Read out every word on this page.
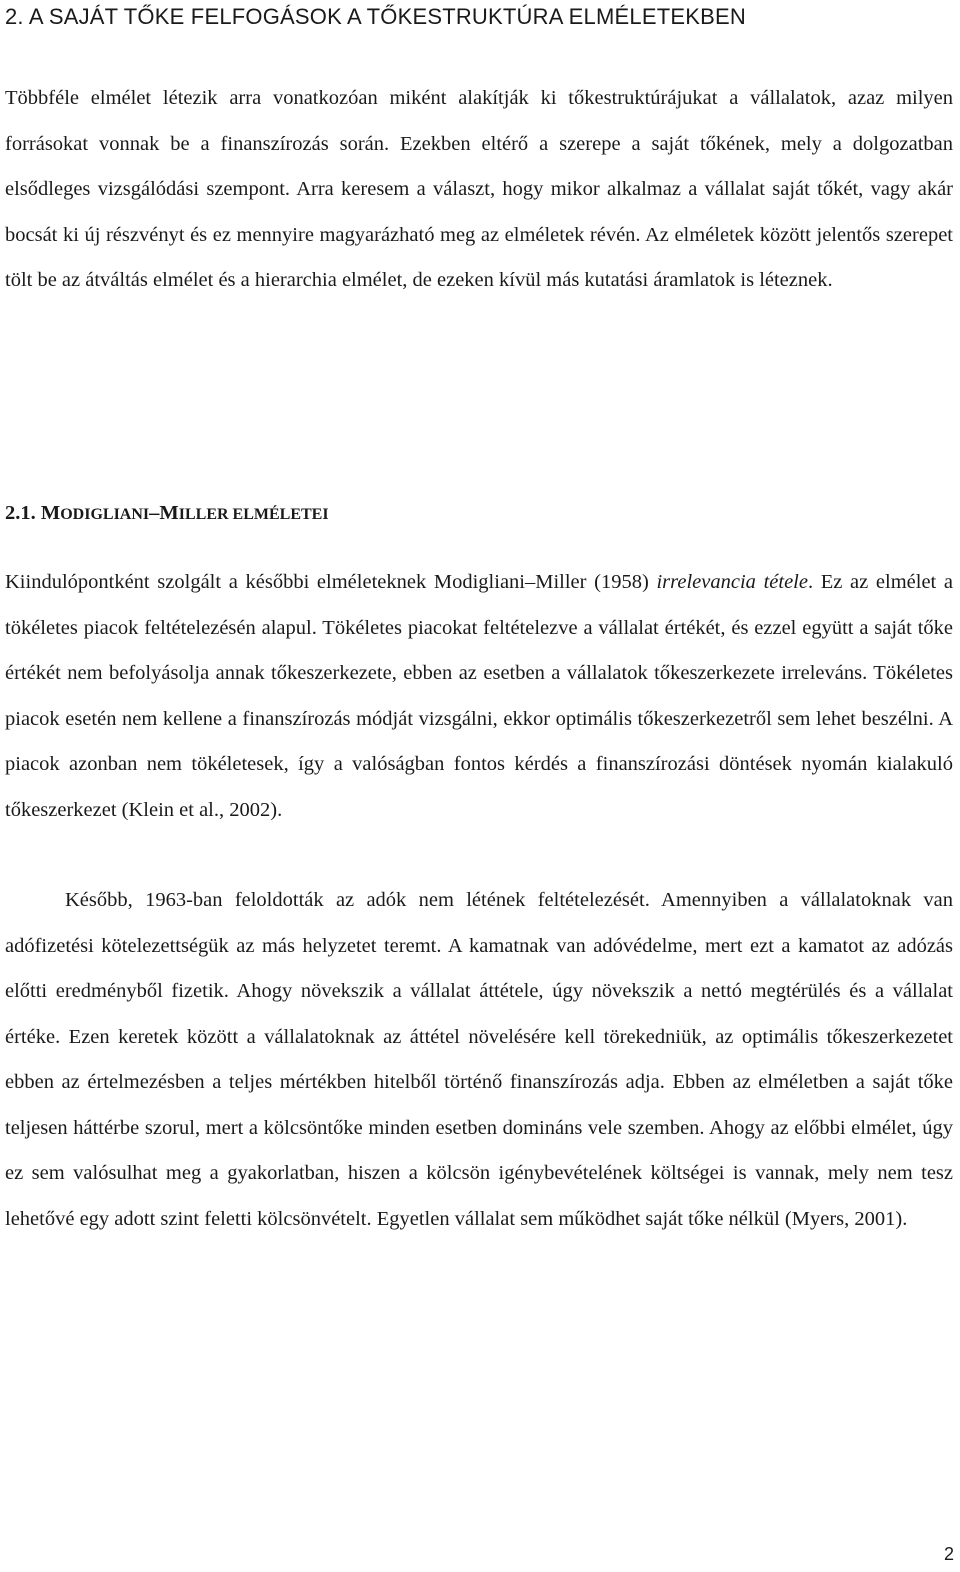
2. A SAJÁT TŐKE FELFOGÁSOK A TŐKESTRUKTÚRA ELMÉLETEKBEN

Többféle elmélet létezik arra vonatkozóan miként alakítják ki tőkestruktúrájukat a vállalatok, azaz milyen forrásokat vonnak be a finanszírozás során. Ezekben eltérő a szerepe a saját tőkének, mely a dolgozatban elsődleges vizsgálódási szempont. Arra keresem a választ, hogy mikor alkalmaz a vállalat saját tőkét, vagy akár bocsát ki új részvényt és ez mennyire magyarázható meg az elméletek révén. Az elméletek között jelentős szerepet tölt be az átváltás elmélet és a hierarchia elmélet, de ezeken kívül más kutatási áramlatok is léteznek.

2.1. MODIGLIANI–MILLER ELMÉLETEI

Kiindulópontként szolgált a későbbi elméleteknek Modigliani–Miller (1958) irrelevancia tétele. Ez az elmélet a tökéletes piacok feltételezésén alapul. Tökéletes piacokat feltételezve a vállalat értékét, és ezzel együtt a saját tőke értékét nem befolyásolja annak tőkeszerkezete, ebben az esetben a vállalatok tőkeszerkezete irreleváns. Tökéletes piacok esetén nem kellene a finanszírozás módját vizsgálni, ekkor optimális tőkeszerkezetről sem lehet beszélni. A piacok azonban nem tökéletesek, így a valóságban fontos kérdés a finanszírozási döntések nyomán kialakuló tőkeszerkezet (Klein et al., 2002).

Később, 1963-ban feloldották az adók nem létének feltételezését. Amennyiben a vállalatoknak van adófizetési kötelezettségük az más helyzetet teremt. A kamatnak van adóvédelme, mert ezt a kamatot az adózás előtti eredményből fizetik. Ahogy növekszik a vállalat áttétele, úgy növekszik a nettó megtérülés és a vállalat értéke. Ezen keretek között a vállalatoknak az áttétel növelésére kell törekedniük, az optimális tőkeszerkezetet ebben az értelmezésben a teljes mértékben hitelből történő finanszírozás adja. Ebben az elméletben a saját tőke teljesen háttérbe szorul, mert a kölcsöntőke minden esetben domináns vele szemben. Ahogy az előbbi elmélet, úgy ez sem valósulhat meg a gyakorlatban, hiszen a kölcsön igénybevételének költségei is vannak, mely nem tesz lehetővé egy adott szint feletti kölcsönvételt. Egyetlen vállalat sem működhet saját tőke nélkül (Myers, 2001).

2
